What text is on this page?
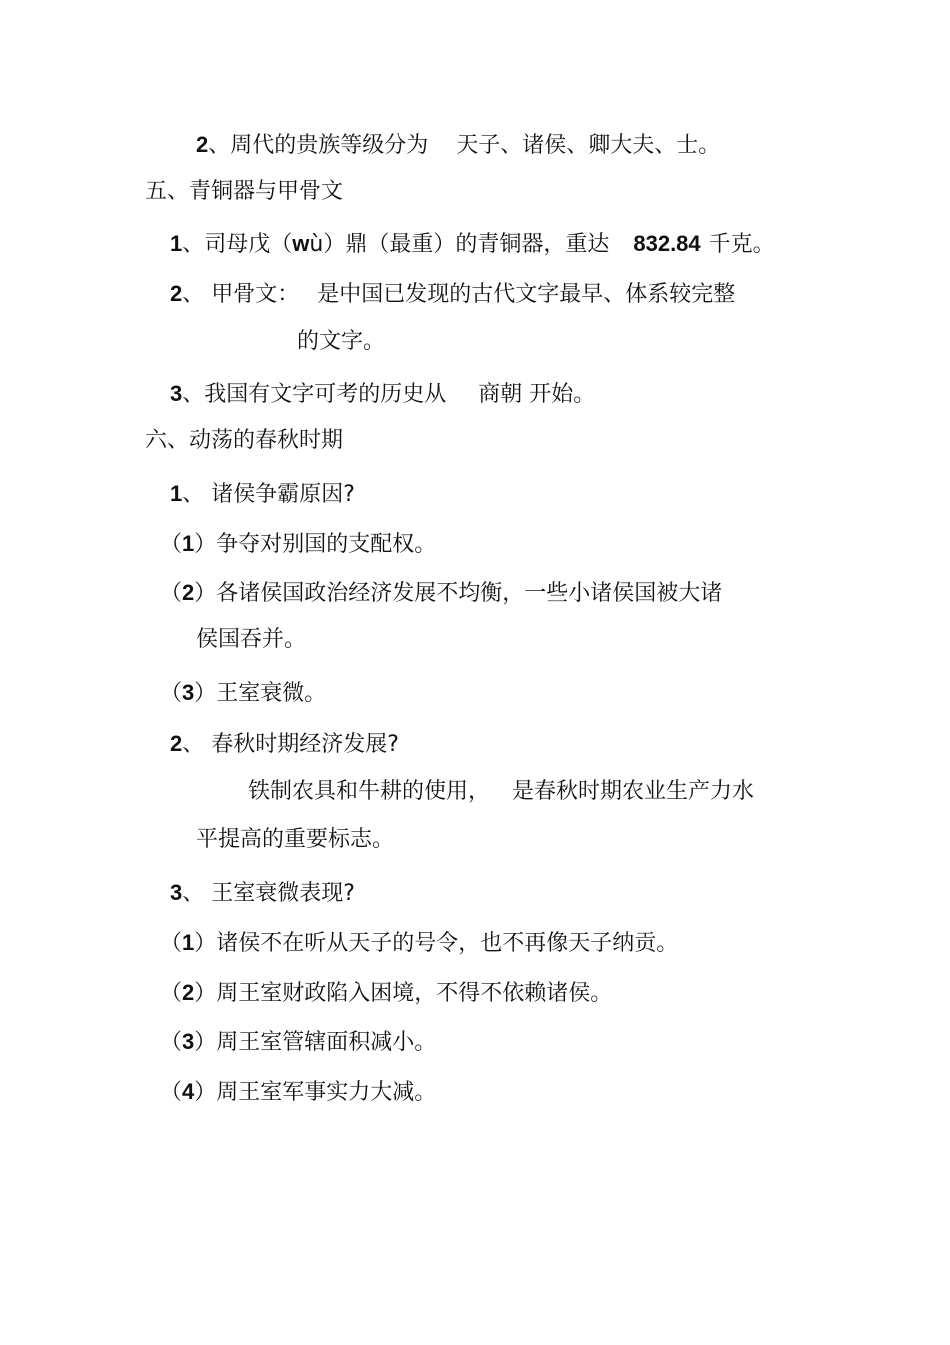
2、周代的贵族等级分为 天子、诸侯、卿大夫、士。
五、青铜器与甲骨文
1、司母戊（wù）鼎（最重）的青铜器，重达 832.84 千克。
2、 甲骨文： 是中国已发现的古代文字最早、体系较完整
的文字。
3、我国有文字可考的历史从 商朝 开始。
六、动荡的春秋时期
1、 诸侯争霸原因?
（1）争夺对别国的支配权。
（2）各诸侯国政治经济发展不均衡，一些小诸侯国被大诸
侯国吞并。
（3）王室衰微。
2、 春秋时期经济发展?
铁制农具和牛耕的使用， 是春秋时期农业生产力水
平提高的重要标志。
3、 王室衰微表现?
（1）诸侯不在听从天子的号令，也不再像天子纳贡。
（2）周王室财政陷入困境，不得不依赖诸侯。
（3）周王室管辖面积减小。
（4）周王室军事实力大减。
